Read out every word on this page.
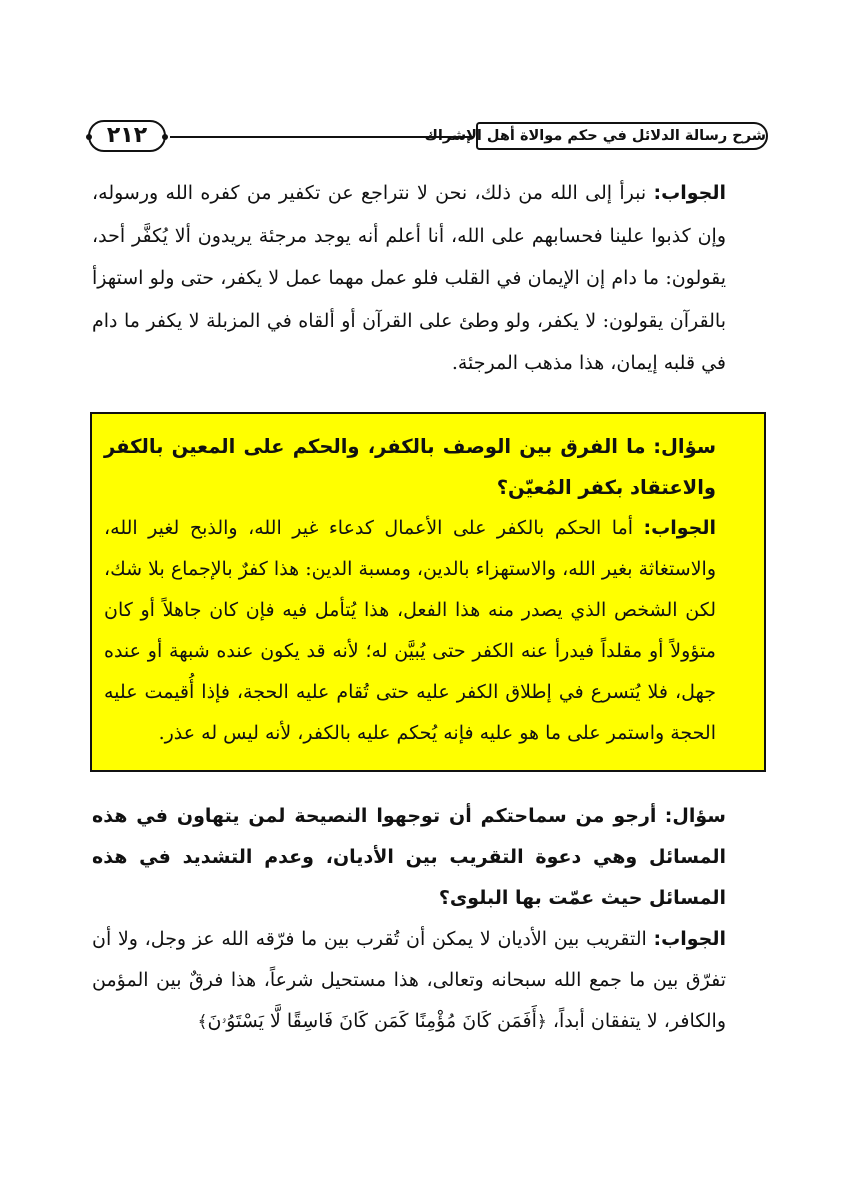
٢١٢	شرح رسالة الدلائل في حكم موالاة أهل الإشراك

الجواب: نبرأ إلى الله من ذلك، نحن لا نتراجع عن تكفير من كفره الله ورسوله، وإن كذبوا علينا فحسابهم على الله، أنا أعلم أنه يوجد مرجئة يريدون ألا يُكفَّر أحد، يقولون: ما دام إن الإيمان في القلب فلو عمل مهما عمل لا يكفر، حتى ولو استهزأ بالقرآن يقولون: لا يكفر، ولو وطئ على القرآن أو ألقاه في المزبلة لا يكفر ما دام في قلبه إيمان، هذا مذهب المرجئة.

سؤال: ما الفرق بين الوصف بالكفر، والحكم على المعين بالكفر والاعتقاد بكفر المُعيّن؟

الجواب: أما الحكم بالكفر على الأعمال كدعاء غير الله، والذبح لغير الله، والاستغاثة بغير الله، والاستهزاء بالدين، ومسبة الدين: هذا كفرٌ بالإجماع بلا شك، لكن الشخص الذي يصدر منه هذا الفعل، هذا يُتأمل فيه فإن كان جاهلاً أو كان متؤولاً أو مقلداً فيدرأ عنه الكفر حتى يُبيَّن له؛ لأنه قد يكون عنده شبهة أو عنده جهل، فلا يُتسرع في إطلاق الكفر عليه حتى تُقام عليه الحجة، فإذا أُقيمت عليه الحجة واستمر على ما هو عليه فإنه يُحكم عليه بالكفر، لأنه ليس له عذر.

سؤال: أرجو من سماحتكم أن توجهوا النصيحة لمن يتهاون في هذه المسائل وهي دعوة التقريب بين الأديان، وعدم التشديد في هذه المسائل حيث عمّت بها البلوى؟

الجواب: التقريب بين الأديان لا يمكن أن تُقرب بين ما فرّقه الله عز وجل، ولا أن تفرّق بين ما جمع الله سبحانه وتعالى، هذا مستحيل شرعاً، هذا فرقٌ بين المؤمن والكافر، لا يتفقان أبداً، ﴿أَفَمَن كَانَ مُؤْمِنًا كَمَن كَانَ فَاسِقًا لَّا يَسْتَوُۥنَ﴾
